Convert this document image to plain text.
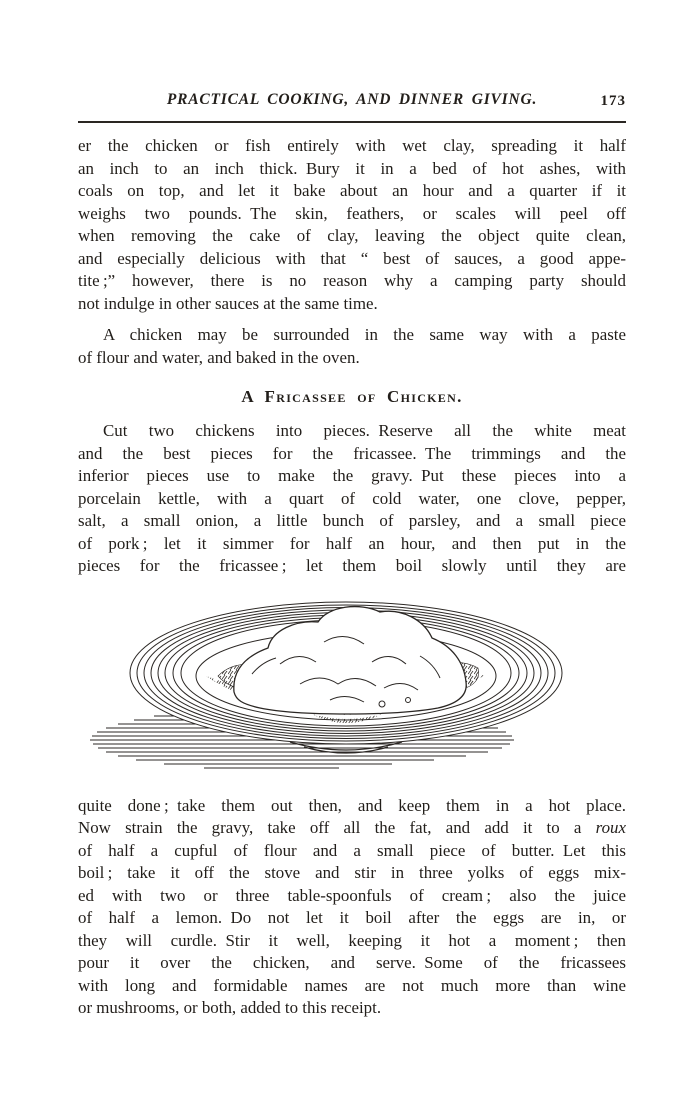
PRACTICAL COOKING, AND DINNER GIVING.	173
er the chicken or fish entirely with wet clay, spreading it half
an inch to an inch thick. Bury it in a bed of hot ashes, with
coals on top, and let it bake about an hour and a quarter if it
weighs two pounds. The skin, feathers, or scales will peel off
when removing the cake of clay, leaving the object quite clean,
and especially delicious with that “ best of sauces, a good appe-
tite ;” however, there is no reason why a camping party should
not indulge in other sauces at the same time.
A chicken may be surrounded in the same way with a paste
of flour and water, and baked in the oven.
A Fricassee of Chicken.
Cut two chickens into pieces. Reserve all the white meat
and the best pieces for the fricassee. The trimmings and the
inferior pieces use to make the gravy. Put these pieces into a
porcelain kettle, with a quart of cold water, one clove, pepper,
salt, a small onion, a little bunch of parsley, and a small piece
of pork ; let it simmer for half an hour, and then put in the
pieces for the fricassee ; let them boil slowly until they are
quite done ; take them out then, and keep them in a hot place.
Now strain the gravy, take off all the fat, and add it to a roux
of half a cupful of flour and a small piece of butter. Let this
boil ; take it off the stove and stir in three yolks of eggs mix-
ed with two or three table-spoonfuls of cream ; also the juice
of half a lemon. Do not let it boil after the eggs are in, or
they will curdle. Stir it well, keeping it hot a moment ; then
pour it over the chicken, and serve. Some of the fricassees
with long and formidable names are not much more than wine
or mushrooms, or both, added to this receipt.
